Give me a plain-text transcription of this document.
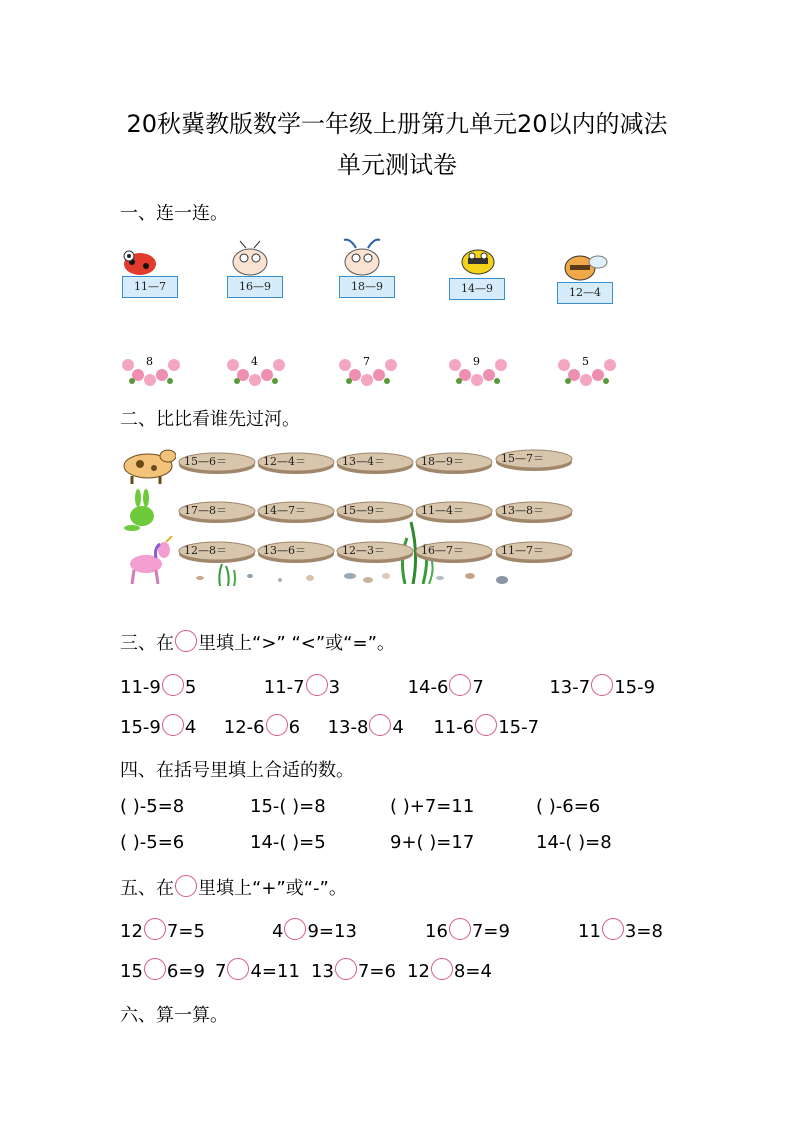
20秋冀教版数学一年级上册第九单元20以内的减法
单元测试卷
一、连一连。
11—7	16—9	18—9	14—9	12—4
8	4	7	9	5
二、比比看谁先过河。
15—6＝	12—4＝	13—4＝	18—9＝	15—7＝
17—8＝	14—7＝	15—9＝	11—4＝	13—8＝
12—8＝	13—6＝	12—3＝	16—7＝	11—7＝
三、在 里填上“>” “<”或“=”。
11-9 5	11-7 3	14-6 7	13-7 15-9
15-9 4 12-6 6 13-8 4 11-6 15-7
四、在括号里填上合适的数。
( )-5=8	15-( )=8	( )+7=11	( )-6=6
( )-5=6	14-( )=5	9+( )=17	14-( )=8
五、在 里填上“+”或“-”。
12 7=5	4 9=13	16 7=9	11 3=8
15 6=9 7 4=11 13 7=6 12 8=4
六、算一算。
